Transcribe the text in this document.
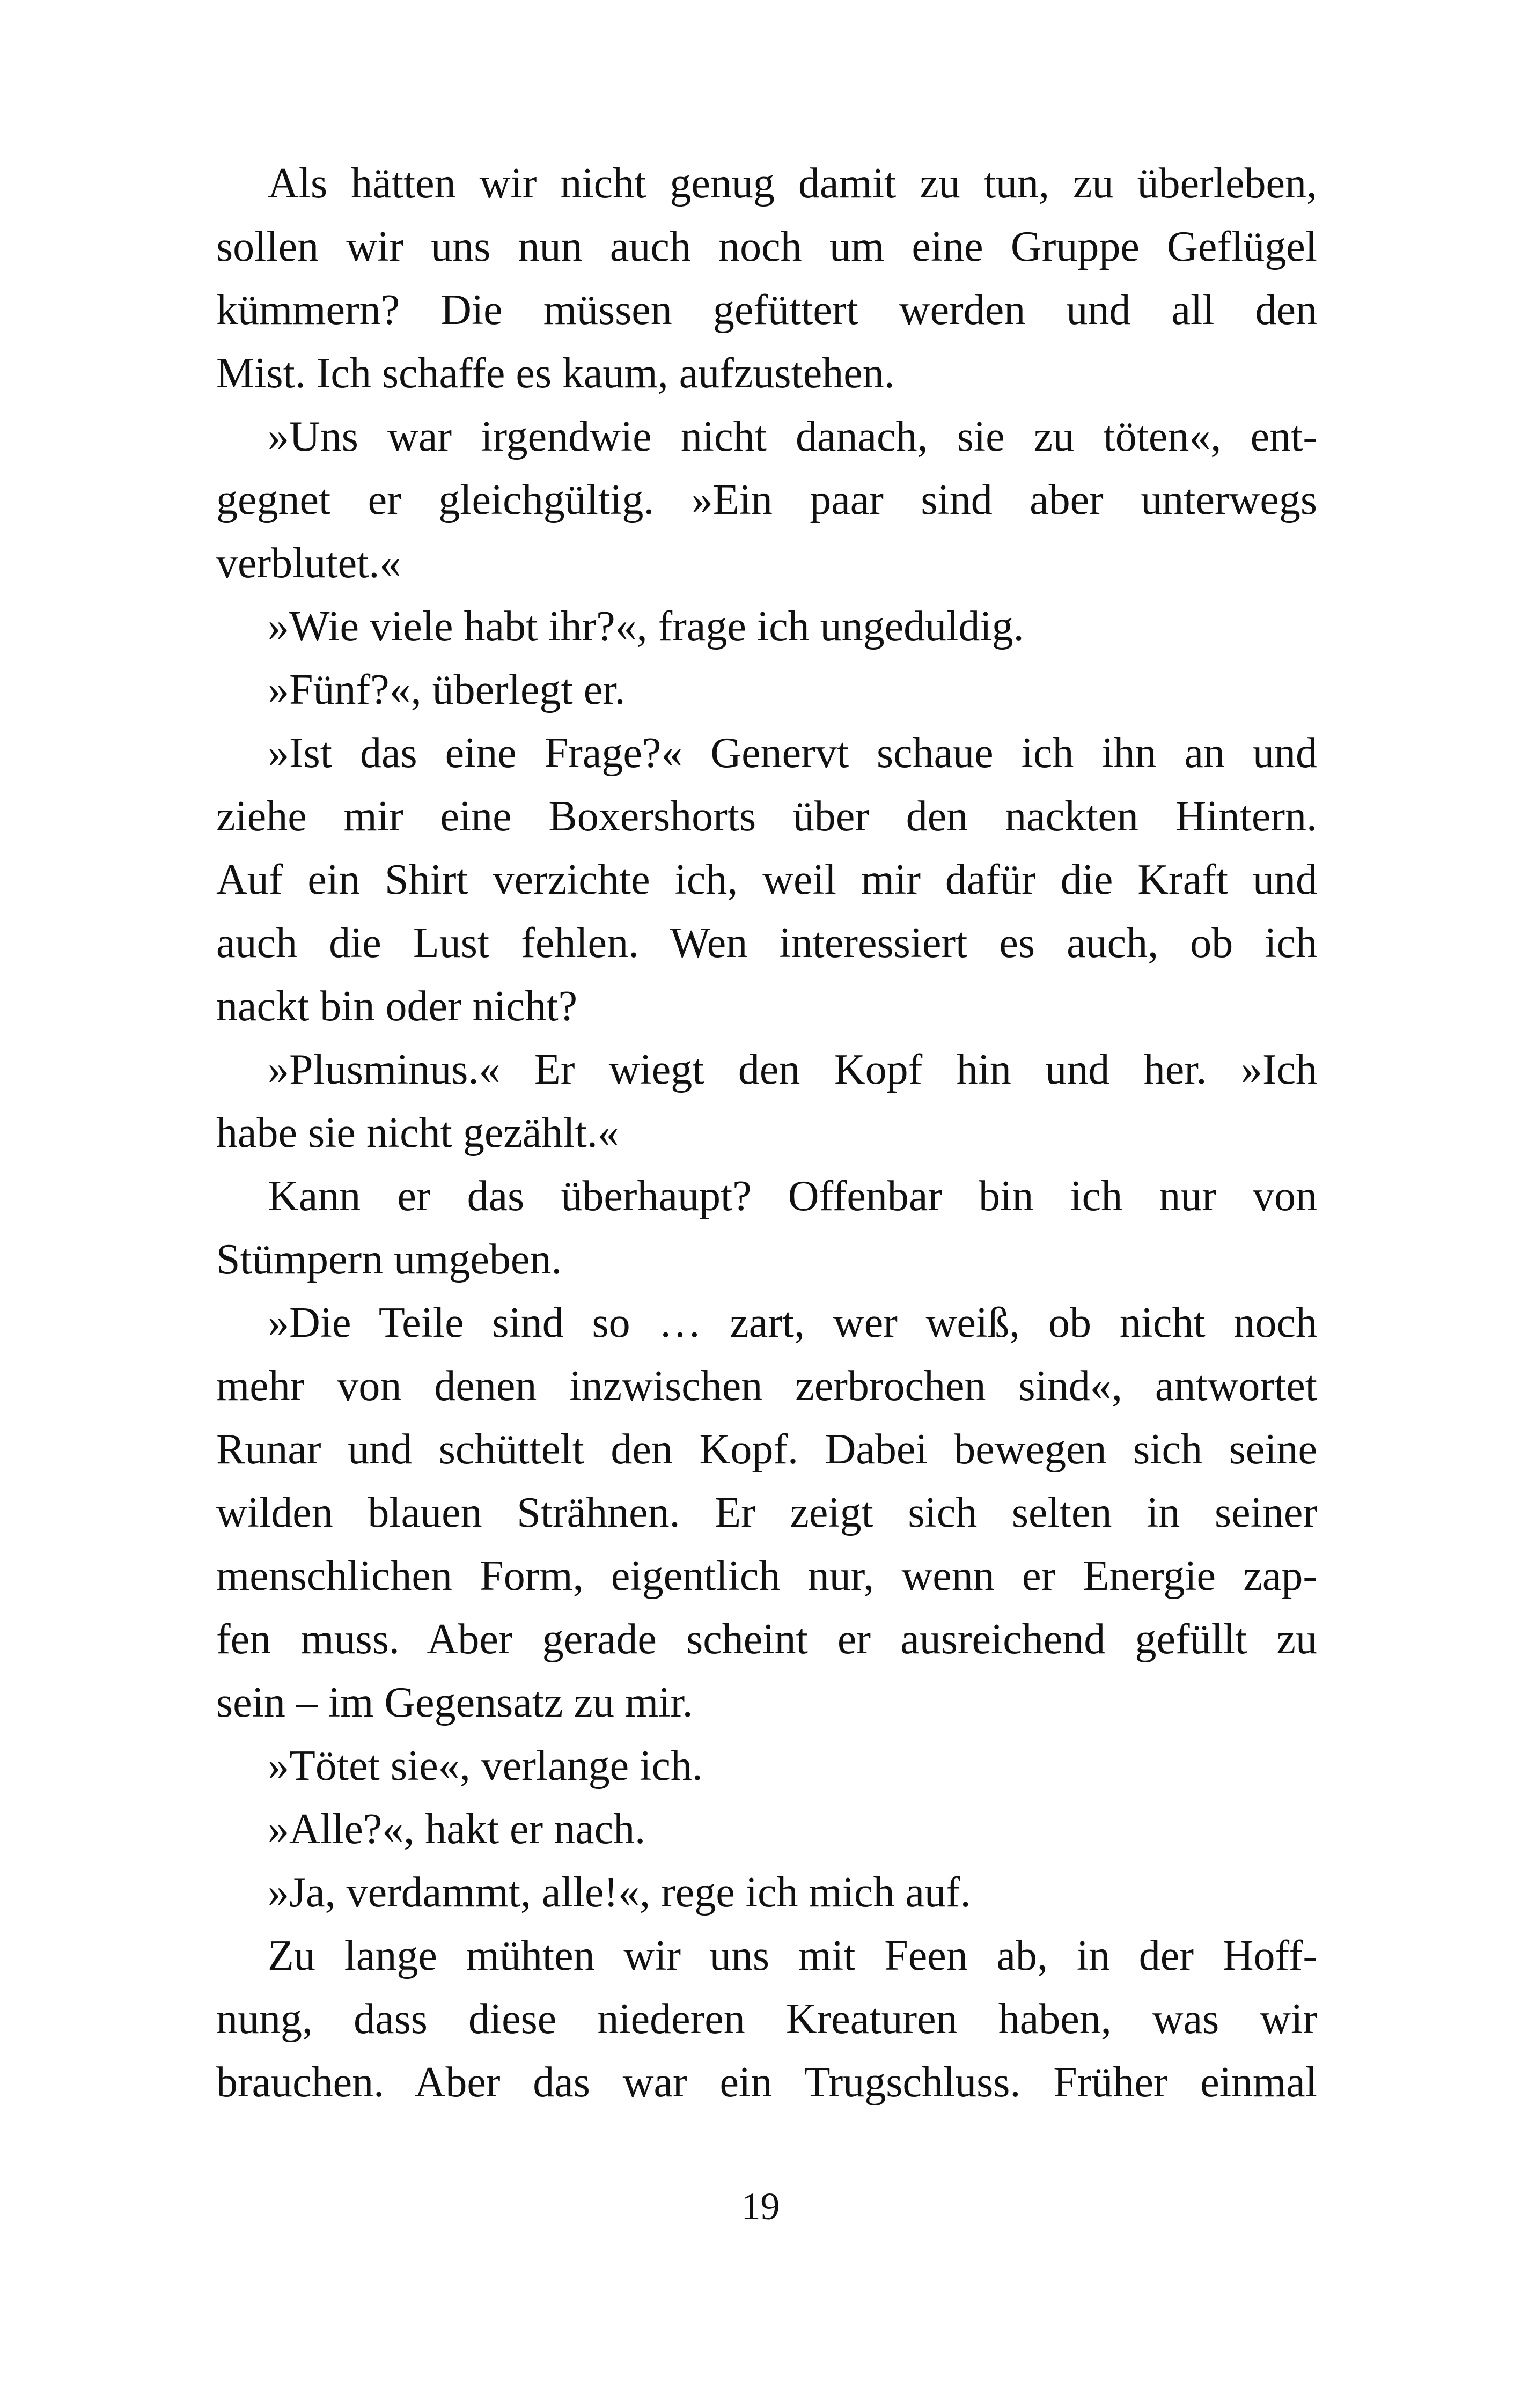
Als hätten wir nicht genug damit zu tun, zu überleben,
sollen wir uns nun auch noch um eine Gruppe Geflügel
kümmern? Die müssen gefüttert werden und all den
Mist. Ich schaffe es kaum, aufzustehen.
»Uns war irgendwie nicht danach, sie zu töten«, ent-
gegnet er gleichgültig. »Ein paar sind aber unterwegs
verblutet.«
»Wie viele habt ihr?«, frage ich ungeduldig.
»Fünf?«, überlegt er.
»Ist das eine Frage?« Genervt schaue ich ihn an und
ziehe mir eine Boxershorts über den nackten Hintern.
Auf ein Shirt verzichte ich, weil mir dafür die Kraft und
auch die Lust fehlen. Wen interessiert es auch, ob ich
nackt bin oder nicht?
»Plusminus.« Er wiegt den Kopf hin und her. »Ich
habe sie nicht gezählt.«
Kann er das überhaupt? Offenbar bin ich nur von
Stümpern umgeben.
»Die Teile sind so … zart, wer weiß, ob nicht noch
mehr von denen inzwischen zerbrochen sind«, antwortet
Runar und schüttelt den Kopf. Dabei bewegen sich seine
wilden blauen Strähnen. Er zeigt sich selten in seiner
menschlichen Form, eigentlich nur, wenn er Energie zap-
fen muss. Aber gerade scheint er ausreichend gefüllt zu
sein – im Gegensatz zu mir.
»Tötet sie«, verlange ich.
»Alle?«, hakt er nach.
»Ja, verdammt, alle!«, rege ich mich auf.
Zu lange mühten wir uns mit Feen ab, in der Hoff-
nung, dass diese niederen Kreaturen haben, was wir
brauchen. Aber das war ein Trugschluss. Früher einmal
19
